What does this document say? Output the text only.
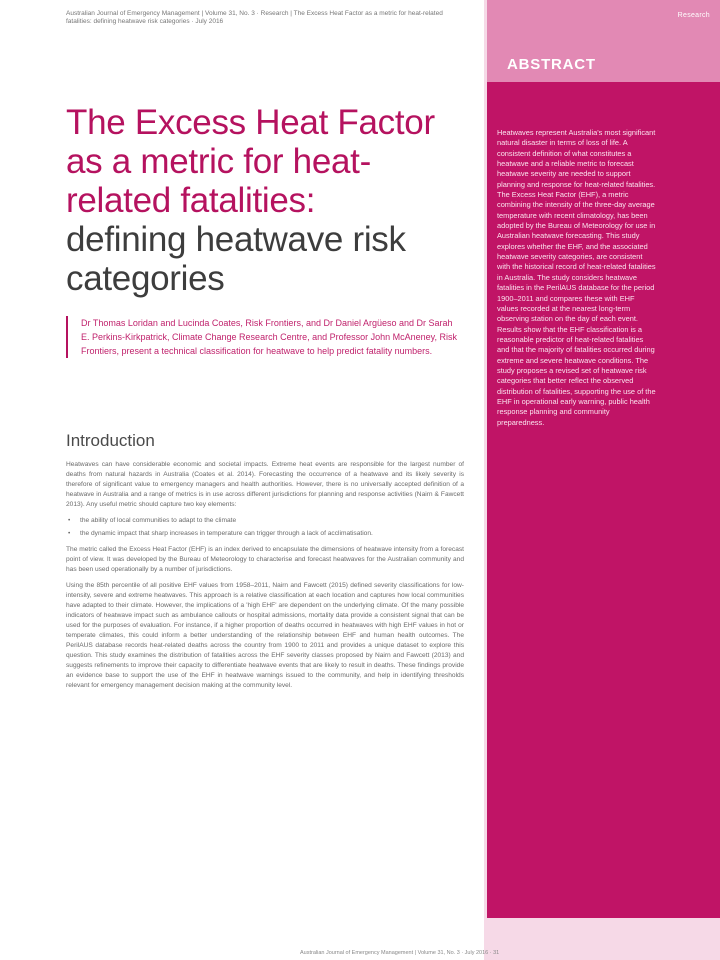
Australian Journal of Emergency Management | Volume 31, No. 3 · Research | The Excess Heat Factor as a metric for heat-related fatalities: defining heatwave risk categories · July 2016
The Excess Heat Factor as a metric for heat-related fatalities:
defining heatwave risk categories
Dr Thomas Loridan and Lucinda Coates, Risk Frontiers, and Dr Daniel Argüeso and Dr Sarah E. Perkins-Kirkpatrick, Climate Change Research Centre, and Professor John McAneney, Risk Frontiers, present a technical classification for heatwave to help predict fatality numbers.
Introduction

Heatwaves can have considerable economic and societal impacts. Extreme heat events are responsible for the largest number of deaths from natural hazards in Australia (Coates et al. 2014). Forecasting the occurrence of a heatwave and its likely severity is therefore of significant value to emergency managers and health authorities. However, there is no universally accepted definition of a heatwave in Australia and a range of metrics is in use across different jurisdictions for planning and response activities (Nairn & Fawcett 2013). Any useful metric should capture two key elements:

• the ability of local communities to adapt to the climate
• the dynamic impact that sharp increases in temperature can trigger through a lack of acclimatisation.

The metric called the Excess Heat Factor (EHF) is an index derived to encapsulate the dimensions of heatwave intensity from a forecast point of view. It was developed by the Bureau of Meteorology to characterise and forecast heatwaves for the Australian community and has been used operationally by a number of jurisdictions.

Using the 85th percentile of all positive EHF values from 1958–2011, Nairn and Fawcett (2015) defined severity classifications for low-intensity, severe and extreme heatwaves. This approach is a relative classification at each location and captures how local communities have adapted to their climate. However, the implications of a 'high EHF' are dependent on the underlying climate. Of the many possible indicators of heatwave impact such as ambulance callouts or hospital admissions, mortality data provide a consistent signal that can be used for the purposes of evaluation. For instance, if a higher proportion of deaths occurred in heatwaves with high EHF values in hot or temperate climates, this could inform a better understanding of the relationship between EHF and human health outcomes. The PerilAUS database records heat-related deaths across the country from 1900 to 2011 and provides a unique dataset to explore this question. This study examines the distribution of fatalities across the EHF severity classes proposed by Nairn and Fawcett (2013) and suggests refinements to improve their capacity to differentiate heatwave events that are likely to result in deaths. These findings provide an evidence base to support the use of the EHF in heatwave warnings issued to the community, and help in identifying thresholds relevant for emergency management decision making at the community level.

Research
ABSTRACT
Heatwaves represent Australia's most significant natural disaster in terms of loss of life. A consistent definition of what constitutes a heatwave and a reliable metric to forecast heatwave severity are needed to support planning and response for heat-related fatalities. The Excess Heat Factor (EHF), a metric combining the intensity of the three-day average temperature with recent climatology, has been adopted by the Bureau of Meteorology for use in Australian heatwave forecasting. This study explores whether the EHF, and the associated heatwave severity categories, are consistent with the historical record of heat-related fatalities in Australia. The study considers heatwave fatalities in the PerilAUS database for the period 1900–2011 and compares these with EHF values recorded at the nearest long-term observing station on the day of each event. Results show that the EHF classification is a reasonable predictor of heat-related fatalities and that the majority of fatalities occurred during extreme and severe heatwave conditions. The study proposes a revised set of heatwave risk categories that better reflect the observed distribution of fatalities, supporting the use of the EHF in operational early warning, public health response planning and community preparedness.
Australian Journal of Emergency Management | Volume 31, No. 3 · July 2016 · 31
